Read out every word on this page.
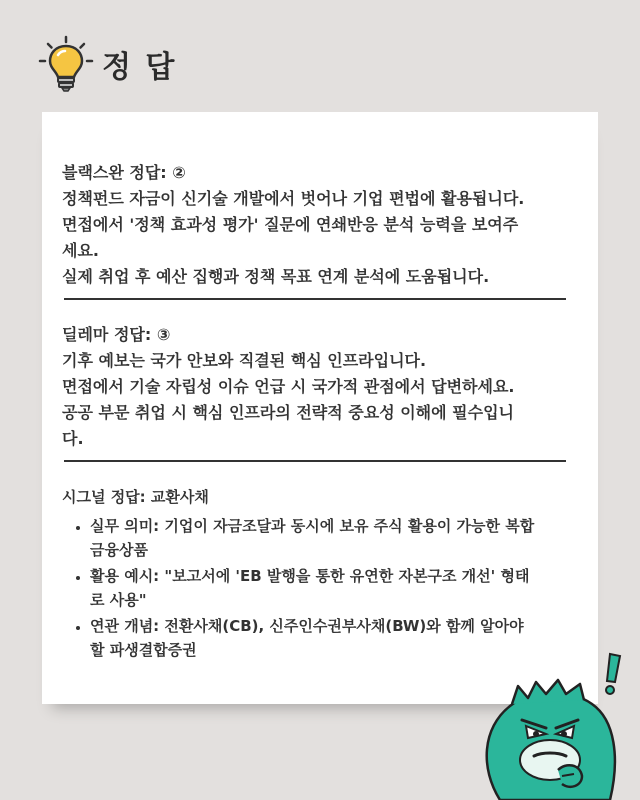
정 답

블랙스완 정답: ②

정책펀드 자금이 신기술 개발에서 벗어나 기업 편법에 활용됩니다.

면접에서 '정책 효과성 평가' 질문에 연쇄반응 분석 능력을 보여주

세요.

실제 취업 후 예산 집행과 정책 목표 연계 분석에 도움됩니다.

딜레마 정답: ③

기후 예보는 국가 안보와 직결된 핵심 인프라입니다.

면접에서 기술 자립성 이슈 언급 시 국가적 관점에서 답변하세요.

공공 부문 취업 시 핵심 인프라의 전략적 중요성 이해에 필수입니

다.

시그널 정답: 교환사채

• 실무 의미: 기업이 자금조달과 동시에 보유 주식 활용이 가능한 복합
금융상품
• 활용 예시: "보고서에 'EB 발행을 통한 유연한 자본구조 개선' 형태
로 사용"
• 연관 개념: 전환사채(CB), 신주인수권부사채(BW)와 함께 알아야
할 파생결합증권
